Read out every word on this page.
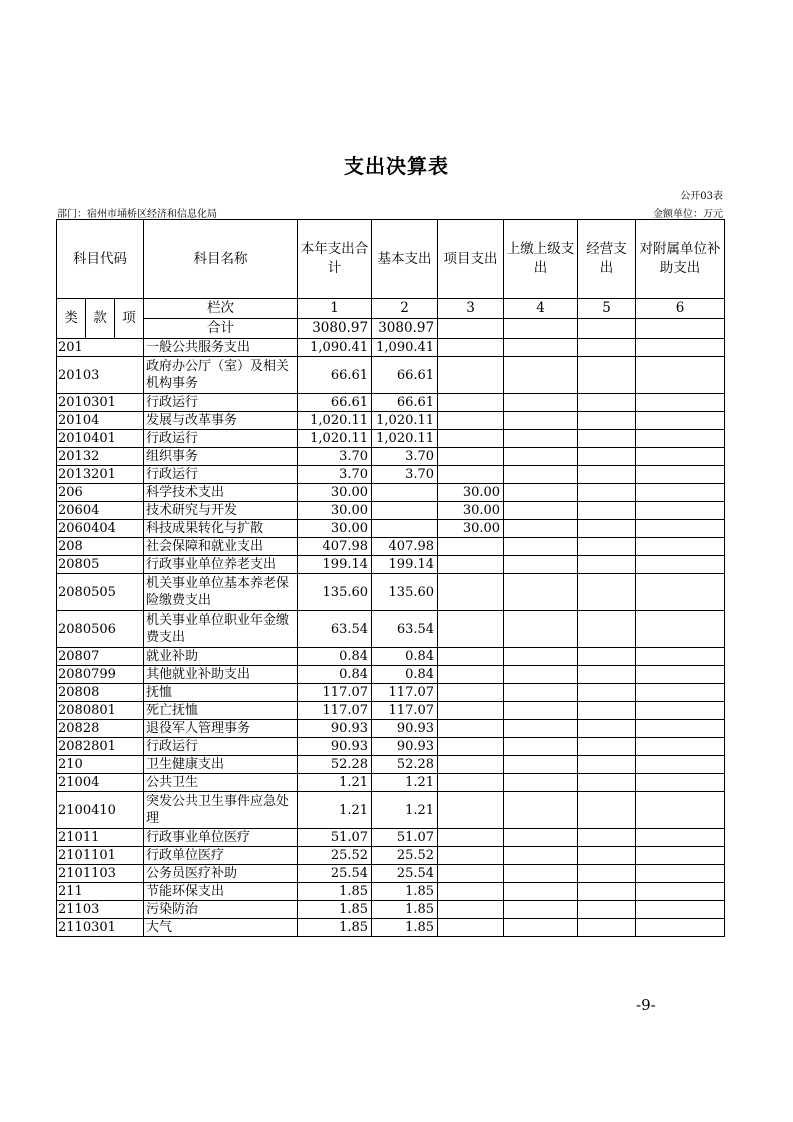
支出决算表
公开03表
部门：宿州市埇桥区经济和信息化局	金额单位：万元
科目代码			科目名称	本年支出合计	基本支出	项目支出	上缴上级支出	经营支出	对附属单位补助支出
类	款	项	栏次	1	2	3	4	5	6
			合计	3080.97	3080.97				
201			一般公共服务支出	1,090.41	1,090.41				
20103			政府办公厅（室）及相关机构事务	66.61	66.61				
2010301			行政运行	66.61	66.61				
20104			发展与改革事务	1,020.11	1,020.11				
2010401			行政运行	1,020.11	1,020.11				
20132			组织事务	3.70	3.70				
2013201			行政运行	3.70	3.70				
206			科学技术支出	30.00		30.00			
20604			技术研究与开发	30.00		30.00			
2060404			科技成果转化与扩散	30.00		30.00			
208			社会保障和就业支出	407.98	407.98				
20805			行政事业单位养老支出	199.14	199.14				
2080505			机关事业单位基本养老保险缴费支出	135.60	135.60				
2080506			机关事业单位职业年金缴费支出	63.54	63.54				
20807			就业补助	0.84	0.84				
2080799			其他就业补助支出	0.84	0.84				
20808			抚恤	117.07	117.07				
2080801			死亡抚恤	117.07	117.07				
20828			退役军人管理事务	90.93	90.93				
2082801			行政运行	90.93	90.93				
210			卫生健康支出	52.28	52.28				
21004			公共卫生	1.21	1.21				
2100410			突发公共卫生事件应急处理	1.21	1.21				
21011			行政事业单位医疗	51.07	51.07				
2101101			行政单位医疗	25.52	25.52				
2101103			公务员医疗补助	25.54	25.54				
211			节能环保支出	1.85	1.85				
21103			污染防治	1.85	1.85				
2110301			大气	1.85	1.85				
-9-
